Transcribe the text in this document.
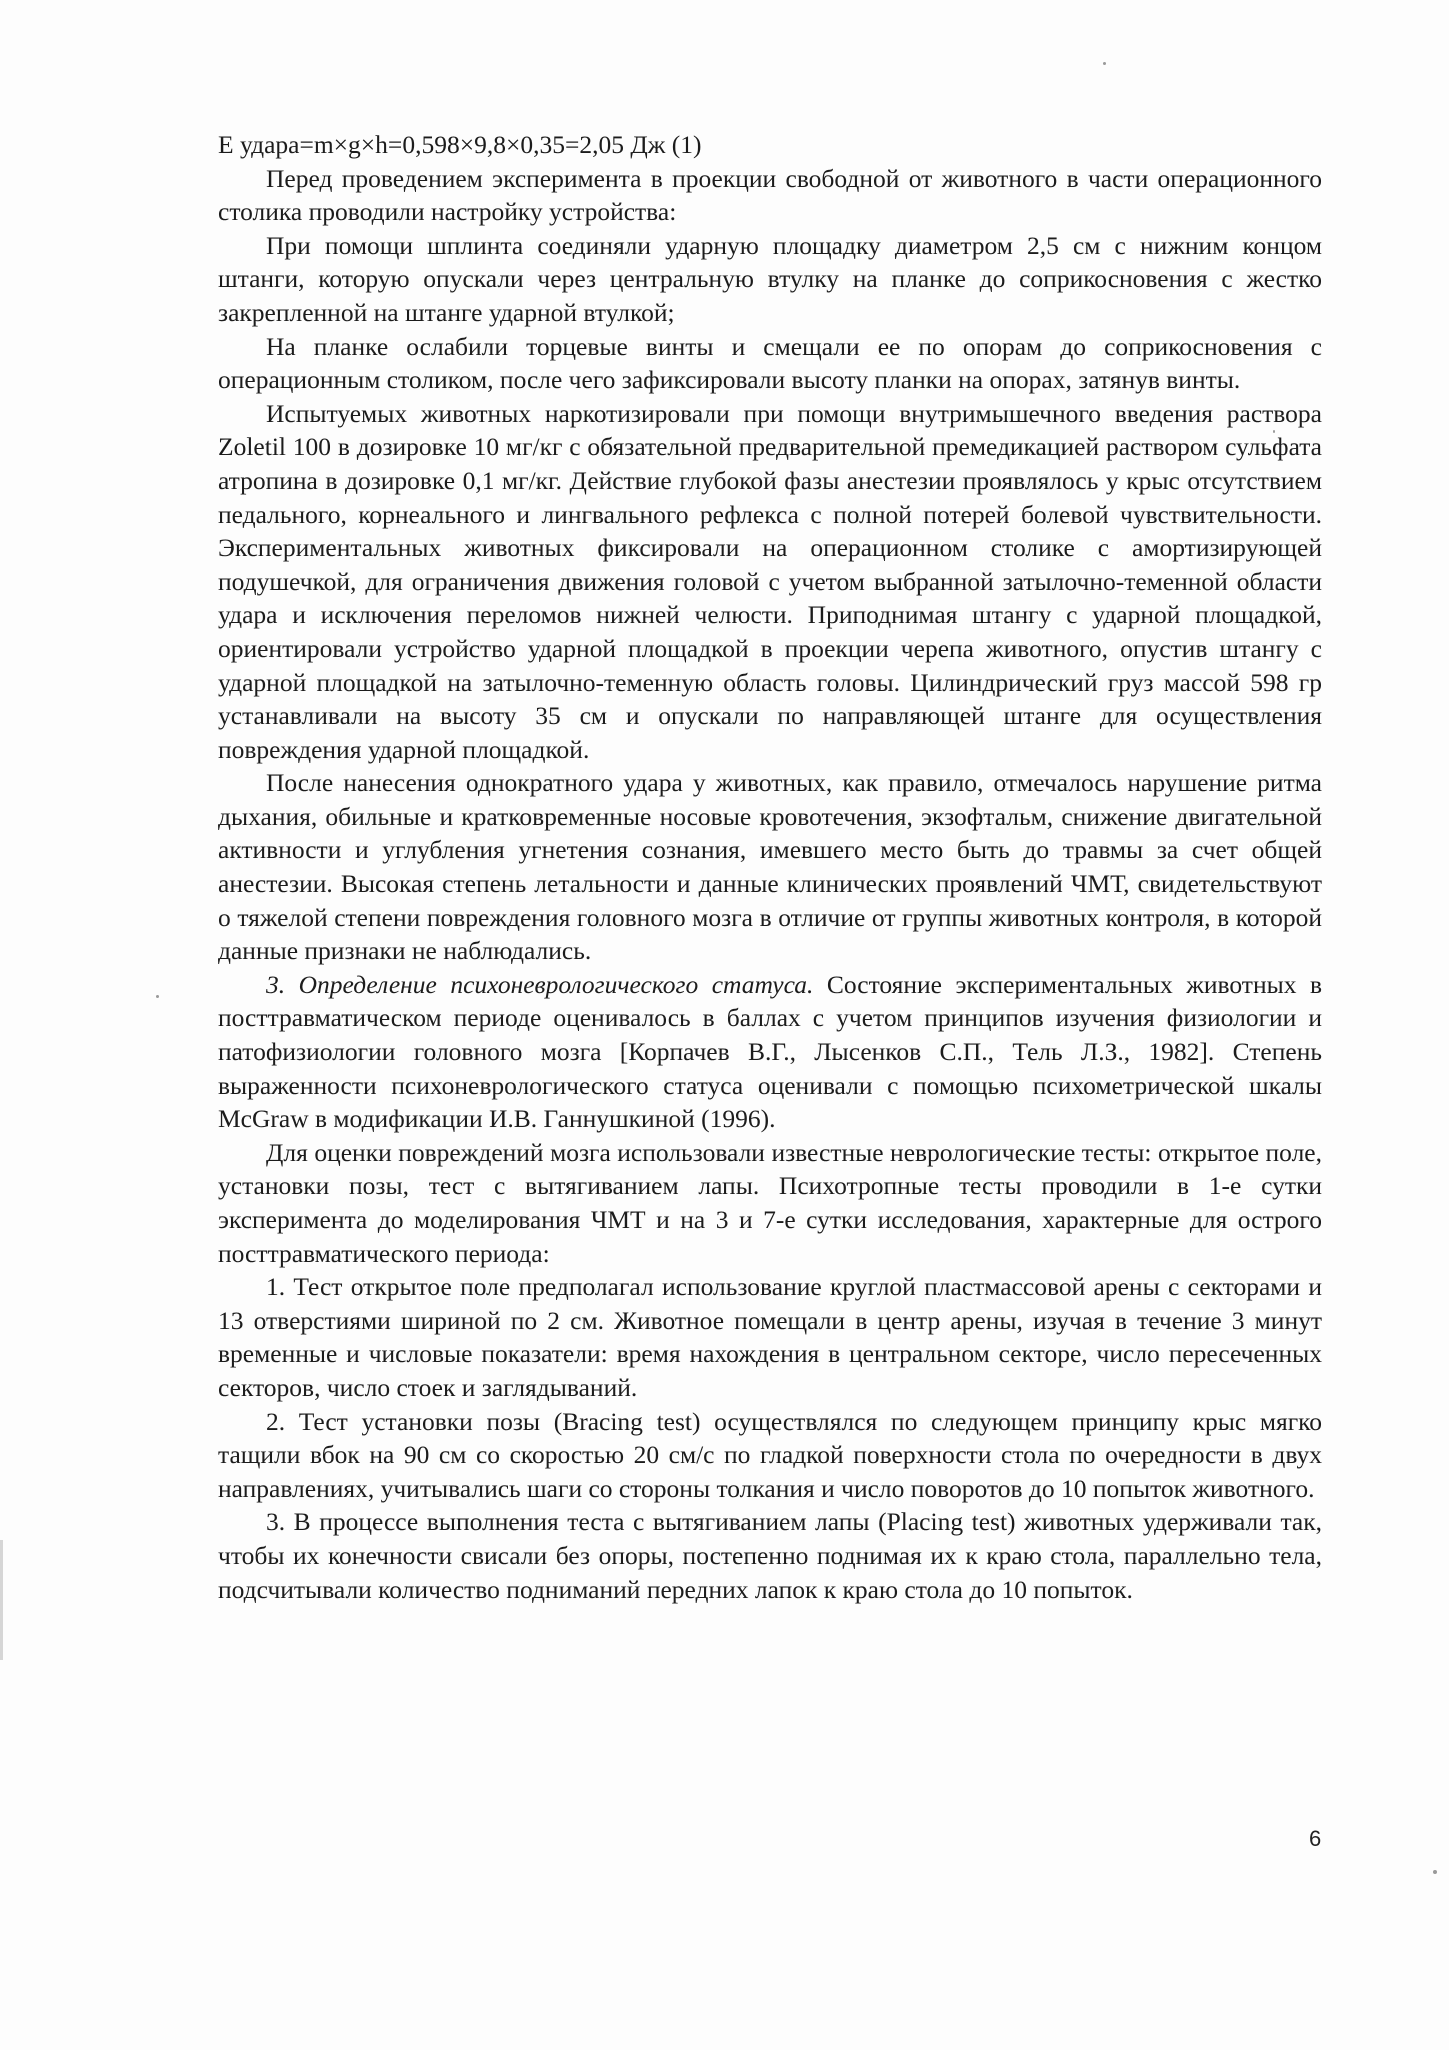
Е удара=m×g×h=0,598×9,8×0,35=2,05 Дж (1)

Перед проведением эксперимента в проекции свободной от животного в части операционного столика проводили настройку устройства:

При помощи шплинта соединяли ударную площадку диаметром 2,5 см с нижним концом штанги, которую опускали через центральную втулку на планке до соприкосновения с жестко закрепленной на штанге ударной втулкой;

На планке ослабили торцевые винты и смещали ее по опорам до соприкосновения с операционным столиком, после чего зафиксировали высоту планки на опорах, затянув винты.

Испытуемых животных наркотизировали при помощи внутримышечного введения раствора Zoletil 100 в дозировке 10 мг/кг с обязательной предварительной премедикацией раствором сульфата атропина в дозировке 0,1 мг/кг. Действие глубокой фазы анестезии проявлялось у крыс отсутствием педального, корнеального и лингвального рефлекса с полной потерей болевой чувствительности. Экспериментальных животных фиксировали на операционном столике с амортизирующей подушечкой, для ограничения движения головой с учетом выбранной затылочно-теменной области удара и исключения переломов нижней челюсти. Приподнимая штангу с ударной площадкой, ориентировали устройство ударной площадкой в проекции черепа животного, опустив штангу с ударной площадкой на затылочно-теменную область головы. Цилиндрический груз массой 598 гр устанавливали на высоту 35 см и опускали по направляющей штанге для осуществления повреждения ударной площадкой.

После нанесения однократного удара у животных, как правило, отмечалось нарушение ритма дыхания, обильные и кратковременные носовые кровотечения, экзофтальм, снижение двигательной активности и углубления угнетения сознания, имевшего место быть до травмы за счет общей анестезии. Высокая степень летальности и данные клинических проявлений ЧМТ, свидетельствуют о тяжелой степени повреждения головного мозга в отличие от группы животных контроля, в которой данные признаки не наблюдались.

3. Определение психоневрологического статуса. Состояние экспериментальных животных в посттравматическом периоде оценивалось в баллах с учетом принципов изучения физиологии и патофизиологии головного мозга [Корпачев В.Г., Лысенков С.П., Тель Л.З., 1982]. Степень выраженности психоневрологического статуса оценивали с помощью психометрической шкалы McGraw в модификации И.В. Ганнушкиной (1996).

Для оценки повреждений мозга использовали известные неврологические тесты: открытое поле, установки позы, тест с вытягиванием лапы. Психотропные тесты проводили в 1-е сутки эксперимента до моделирования ЧМТ и на 3 и 7-е сутки исследования, характерные для острого посттравматического периода:

1. Тест открытое поле предполагал использование круглой пластмассовой арены с секторами и 13 отверстиями шириной по 2 см. Животное помещали в центр арены, изучая в течение 3 минут временные и числовые показатели: время нахождения в центральном секторе, число пересеченных секторов, число стоек и заглядываний.

2. Тест установки позы (Bracing test) осуществлялся по следующем принципу крыс мягко тащили вбок на 90 см со скоростью 20 см/с по гладкой поверхности стола по очередности в двух направлениях, учитывались шаги со стороны толкания и число поворотов до 10 попыток животного.

3. В процессе выполнения теста с вытягиванием лапы (Placing test) животных удерживали так, чтобы их конечности свисали без опоры, постепенно поднимая их к краю стола, параллельно тела, подсчитывали количество подниманий передних лапок к краю стола до 10 попыток.

6
